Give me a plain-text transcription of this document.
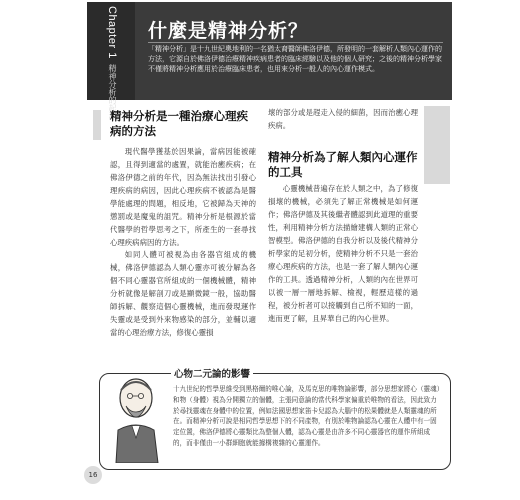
Chapter 1 精神分析的起源
什麼是精神分析？
「精神分析」是十九世紀奧地利的一名猶太裔醫師佛洛伊德，所發明的一套解析人類內心運作的方法，它源自於佛洛伊德治療精神疾病患者的臨床經驗以及他的個人研究；之後的精神分析學家不僅將精神分析應用於治療臨床患者，也用來分析一般人的內心運作模式。
精神分析是一種治療心理疾病的方法
現代醫學獲基於因果論，當病因能被確認，且得到適當的處置，就能治癒疾病；在佛洛伊德之前的年代，因為無法找出引發心理疾病的病因，因此心理疾病不被認為是醫學能處理的問題，相反地，它被歸為天神的懲罰或是魔鬼的詛咒。精神分析是根源於當代醫學的哲學思考之下，所產生的一套尋找心理疾病病因的方法。
如同人體可被視為由各器官組成的機械，佛洛伊德認為人類心靈亦可被分解為各個不同心靈器官所組成的一個機械體，精神分析就像是解剖刀或是顯微鏡一般，協助醫師拆解、觀察這個心靈機械，進而發現運作失靈或是受到外來物感染的部分，並輔以適當的心理治療方法，修復心靈損
壞的部分或是趕走入侵的細菌，因而治癒心理疾病。
精神分析為了解人類內心運作的工具
心靈機械普遍存在於人類之中，為了修復損壞的機械，必須先了解正常機械是如何運作；佛洛伊德及其後繼者體認到此道理的重要性，利用精神分析方法描繪建構人類的正常心智模型。佛洛伊德的自我分析以及後代精神分析學家的足初分析，使精神分析不只是一套治療心理疾病的方法，也是一套了解人類內心運作的工具。透過精神分析，人類的內在世界可以被一層一層地拆解、檢視，輕歷這樣的過程，被分析者可以接觸到自己所不知的一面，進而更了解，且昇華自己的內心世界。
心物二元論的影響
十九世紀的哲學思維受到黑格爾的唯心論，及馬克思的唯物論影響，部分思想家將心（靈魂）和物（身體）視為分開獨立的個體，主張同意論的當代科學家偏重於唯物的看法，因此致力於尋找靈魂在身體中的位置，例如法國思想家笛卡兒認為大腦中的松果體就是人類靈魂的所在。而精神分析可說是相同哲學思想下的不同產物，有別於唯物論認為心靈在人體中有一固定位置，佛洛伊德將心靈類比為整個人體，認為心靈是由許多不同心靈器官的運作所組成的，而非僅由一小群細胞就能據構複雜的心靈運作。
16
